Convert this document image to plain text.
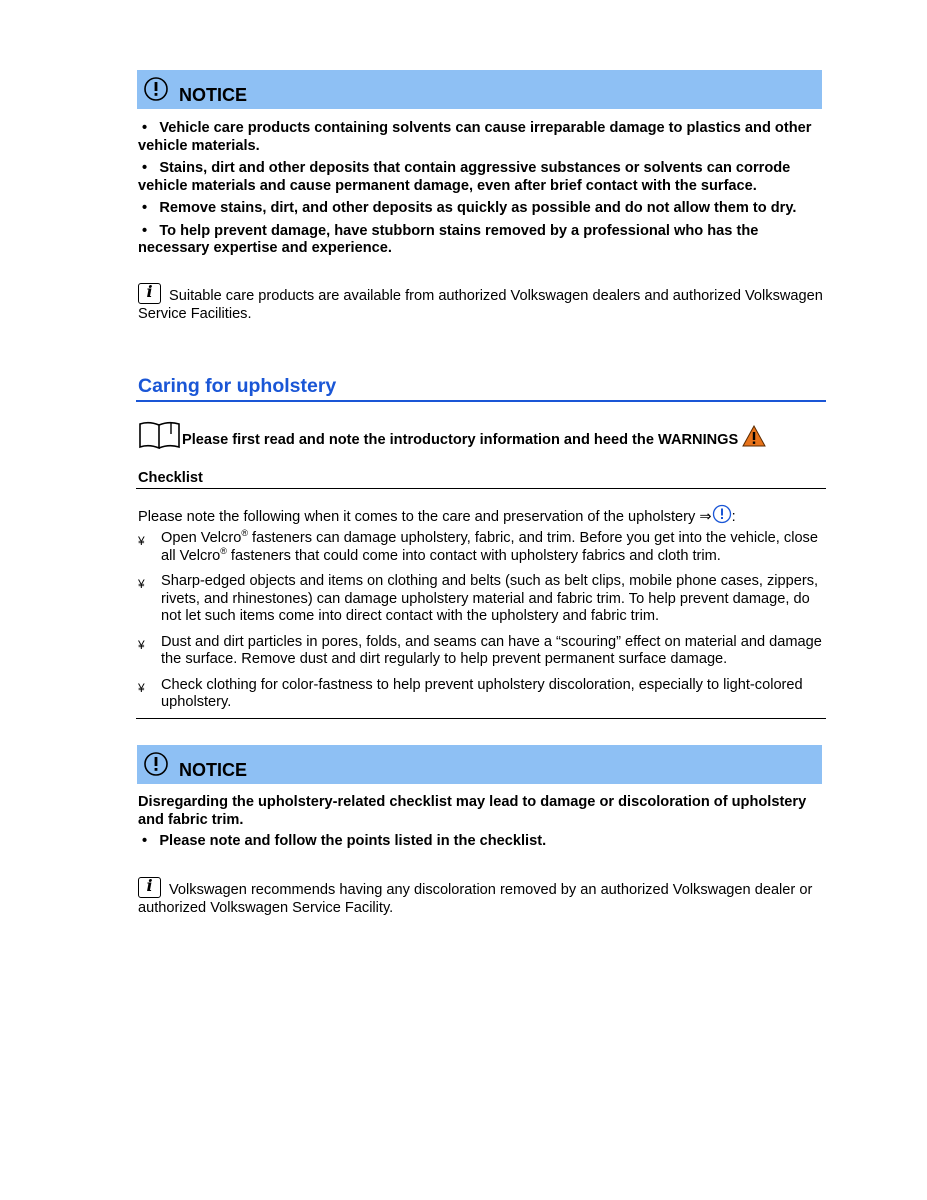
NOTICE
•   Vehicle care products containing solvents can cause irreparable damage to plastics and other vehicle materials.
•   Stains, dirt and other deposits that contain aggressive substances or solvents can corrode vehicle materials and cause permanent damage, even after brief contact with the surface.
•   Remove stains, dirt, and other deposits as quickly as possible and do not allow them to dry.
•   To help prevent damage, have stubborn stains removed by a professional who has the necessary expertise and experience.
i	Suitable care products are available from authorized Volkswagen dealers and authorized Volkswagen Service Facilities.
Caring for upholstery
Please first read and note the introductory information and heed the WARNINGS
Checklist
Please note the following when it comes to the care and preservation of the upholstery ⇒ :
¥	Open Velcro® fasteners can damage upholstery, fabric, and trim. Before you get into the vehicle, close all Velcro® fasteners that could come into contact with upholstery fabrics and cloth trim.
¥	Sharp-edged objects and items on clothing and belts (such as belt clips, mobile phone cases, zippers, rivets, and rhinestones) can damage upholstery material and fabric trim. To help prevent damage, do not let such items come into direct contact with the upholstery and fabric trim.
¥	Dust and dirt particles in pores, folds, and seams can have a “scouring” effect on material and damage the surface. Remove dust and dirt regularly to help prevent permanent surface damage.
¥	Check clothing for color-fastness to help prevent upholstery discoloration, especially to light-colored upholstery.
NOTICE
Disregarding the upholstery-related checklist may lead to damage or discoloration of upholstery and fabric trim.
•   Please note and follow the points listed in the checklist.
i	Volkswagen recommends having any discoloration removed by an authorized Volkswagen dealer or authorized Volkswagen Service Facility.
